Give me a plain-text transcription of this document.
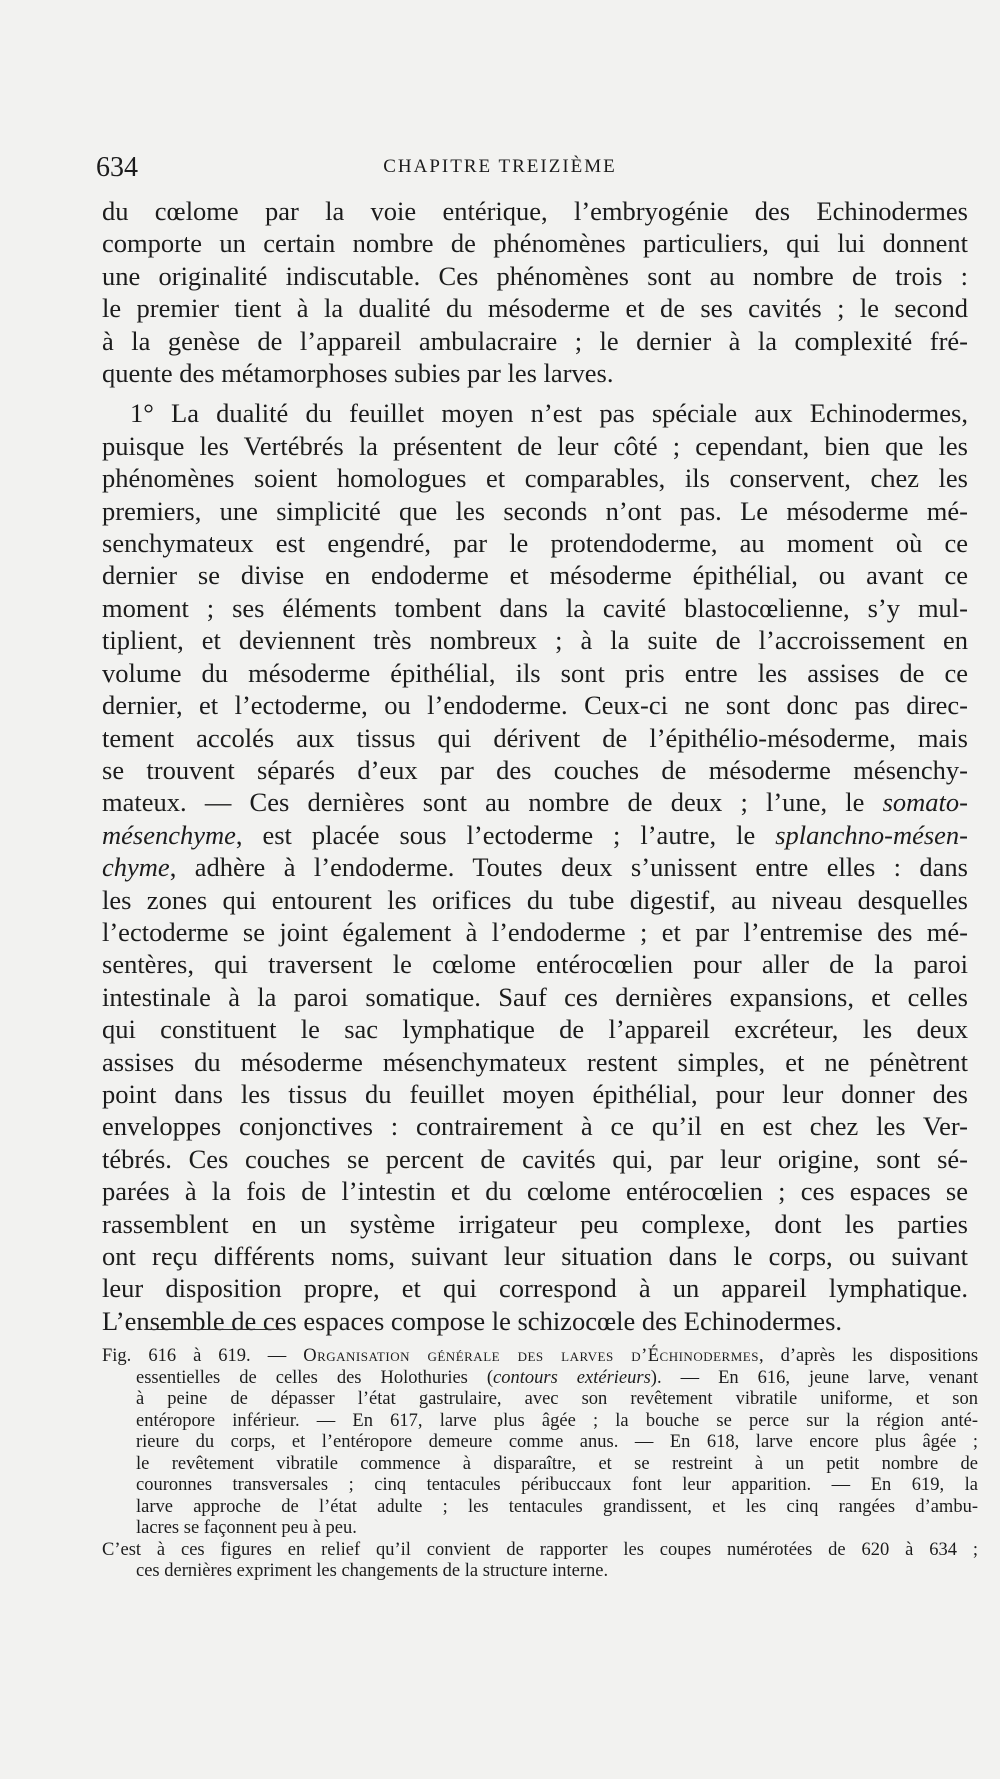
634	CHAPITRE TREIZIÈME
du cœlome par la voie entérique, l’embryogénie des Echinodermes
comporte un certain nombre de phénomènes particuliers, qui lui donnent
une originalité indiscutable. Ces phénomènes sont au nombre de trois :
le premier tient à la dualité du mésoderme et de ses cavités ; le second
à la genèse de l’appareil ambulacraire ; le dernier à la complexité fré-
quente des métamorphoses subies par les larves.
1° La dualité du feuillet moyen n’est pas spéciale aux Echinodermes,
puisque les Vertébrés la présentent de leur côté ; cependant, bien que les
phénomènes soient homologues et comparables, ils conservent, chez les
premiers, une simplicité que les seconds n’ont pas. Le mésoderme mé-
senchymateux est engendré, par le protendoderme, au moment où ce
dernier se divise en endoderme et mésoderme épithélial, ou avant ce
moment ; ses éléments tombent dans la cavité blastocœlienne, s’y mul-
tiplient, et deviennent très nombreux ; à la suite de l’accroissement en
volume du mésoderme épithélial, ils sont pris entre les assises de ce
dernier, et l’ectoderme, ou l’endoderme. Ceux-ci ne sont donc pas direc-
tement accolés aux tissus qui dérivent de l’épithélio-mésoderme, mais
se trouvent séparés d’eux par des couches de mésoderme mésenchy-
mateux. — Ces dernières sont au nombre de deux ; l’une, le somato-
mésenchyme, est placée sous l’ectoderme ; l’autre, le splanchno-mésen-
chyme, adhère à l’endoderme. Toutes deux s’unissent entre elles : dans
les zones qui entourent les orifices du tube digestif, au niveau desquelles
l’ectoderme se joint également à l’endoderme ; et par l’entremise des mé-
sentères, qui traversent le cœlome entérocœlien pour aller de la paroi
intestinale à la paroi somatique. Sauf ces dernières expansions, et celles
qui constituent le sac lymphatique de l’appareil excréteur, les deux
assises du mésoderme mésenchymateux restent simples, et ne pénètrent
point dans les tissus du feuillet moyen épithélial, pour leur donner des
enveloppes conjonctives : contrairement à ce qu’il en est chez les Ver-
tébrés. Ces couches se percent de cavités qui, par leur origine, sont sé-
parées à la fois de l’intestin et du cœlome entérocœlien ; ces espaces se
rassemblent en un système irrigateur peu complexe, dont les parties
ont reçu différents noms, suivant leur situation dans le corps, ou suivant
leur disposition propre, et qui correspond à un appareil lymphatique.
L’ensemble de ces espaces compose le schizocœle des Echinodermes.
Fig. 616 à 619. — Organisation générale des larves d’Échinodermes, d’après les dispositions
essentielles de celles des Holothuries (contours extérieurs). — En 616, jeune larve, venant
à peine de dépasser l’état gastrulaire, avec son revêtement vibratile uniforme, et son
entéropore inférieur. — En 617, larve plus âgée ; la bouche se perce sur la région anté-
rieure du corps, et l’entéropore demeure comme anus. — En 618, larve encore plus âgée ;
le revêtement vibratile commence à disparaître, et se restreint à un petit nombre de
couronnes transversales ; cinq tentacules péribuccaux font leur apparition. — En 619, la
larve approche de l’état adulte ; les tentacules grandissent, et les cinq rangées d’ambu-
lacres se façonnent peu à peu.
C’est à ces figures en relief qu’il convient de rapporter les coupes numérotées de 620 à 634 ;
ces dernières expriment les changements de la structure interne.
